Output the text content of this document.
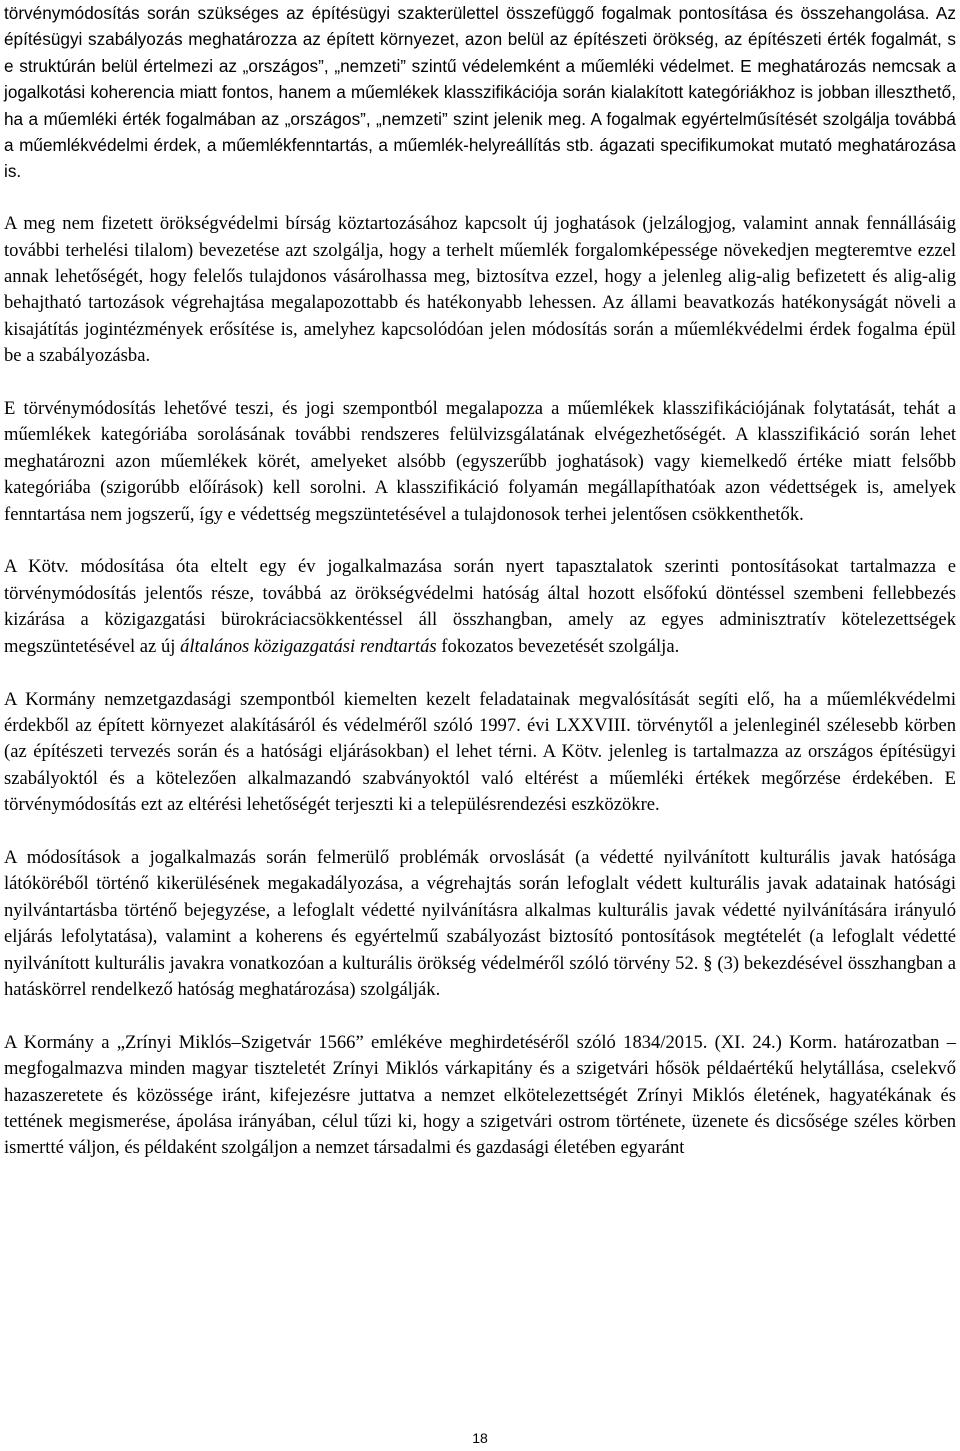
törvénymódosítás során szükséges az építésügyi szakterülettel összefüggő fogalmak pontosítása és összehangolása. Az építésügyi szabályozás meghatározza az épített környezet, azon belül az építészeti örökség, az építészeti érték fogalmát, s e struktúrán belül értelmezi az „országos”, „nemzeti” szintű védelemként a műemléki védelmet. E meghatározás nemcsak a jogalkotási koherencia miatt fontos, hanem a műemlékek klasszifikációja során kialakított kategóriákhoz is jobban illeszthető, ha a műemléki érték fogalmában az „országos”, „nemzeti” szint jelenik meg. A fogalmak egyértelműsítését szolgálja továbbá a műemlékvédelmi érdek, a műemlékfenntartás, a műemlék-helyreállítás stb. ágazati specifikumokat mutató meghatározása is.

A meg nem fizetett örökségvédelmi bírság köztartozásához kapcsolt új joghatások (jelzálogjog, valamint annak fennállásáig további terhelési tilalom) bevezetése azt szolgálja, hogy a terhelt műemlék forgalomképessége növekedjen megteremtve ezzel annak lehetőségét, hogy felelős tulajdonos vásárolhassa meg, biztosítva ezzel, hogy a jelenleg alig-alig befizetett és alig-alig behajtható tartozások végrehajtása megalapozottabb és hatékonyabb lehessen. Az állami beavatkozás hatékonyságát növeli a kisajátítás jogintézmények erősítése is, amelyhez kapcsolódóan jelen módosítás során a műemlékvédelmi érdek fogalma épül be a szabályozásba.

E törvénymódosítás lehetővé teszi, és jogi szempontból megalapozza a műemlékek klasszifikációjának folytatását, tehát a műemlékek kategóriába sorolásának további rendszeres felülvizsgálatának elvégezhetőségét. A klasszifikáció során lehet meghatározni azon műemlékek körét, amelyeket alsóbb (egyszerűbb joghatások) vagy kiemelkedő értéke miatt felsőbb kategóriába (szigorúbb előírások) kell sorolni. A klasszifikáció folyamán megállapíthatóak azon védettségek is, amelyek fenntartása nem jogszerű, így e védettség megszüntetésével a tulajdonosok terhei jelentősen csökkenthetők.

A Kötv. módosítása óta eltelt egy év jogalkalmazása során nyert tapasztalatok szerinti pontosításokat tartalmazza e törvénymódosítás jelentős része, továbbá az örökségvédelmi hatóság által hozott elsőfokú döntéssel szembeni fellebbezés kizárása a közigazgatási bürokráciacsökkentéssel áll összhangban, amely az egyes adminisztratív kötelezettségek megszüntetésével az új általános közigazgatási rendtartás fokozatos bevezetését szolgálja.

A Kormány nemzetgazdasági szempontból kiemelten kezelt feladatainak megvalósítását segíti elő, ha a műemlékvédelmi érdekből az épített környezet alakításáról és védelméről szóló 1997. évi LXXVIII. törvénytől a jelenleginél szélesebb körben (az építészeti tervezés során és a hatósági eljárásokban) el lehet térni. A Kötv. jelenleg is tartalmazza az országos építésügyi szabályoktól és a kötelezően alkalmazandó szabványoktól való eltérést a műemléki értékek megőrzése érdekében. E törvénymódosítás ezt az eltérési lehetőségét terjeszti ki a településrendezési eszközökre.

A módosítások a jogalkalmazás során felmerülő problémák orvoslását (a védetté nyilvánított kulturális javak hatósága látóköréből történő kikerülésének megakadályozása, a végrehajtás során lefoglalt védett kulturális javak adatainak hatósági nyilvántartásba történő bejegyzése, a lefoglalt védetté nyilvánításra alkalmas kulturális javak védetté nyilvánítására irányuló eljárás lefolytatása), valamint a koherens és egyértelmű szabályozást biztosító pontosítások megtételét (a lefoglalt védetté nyilvánított kulturális javakra vonatkozóan a kulturális örökség védelméről szóló törvény 52. § (3) bekezdésével összhangban a hatáskörrel rendelkező hatóság meghatározása) szolgálják.

A Kormány a „Zrínyi Miklós–Szigetvár 1566” emlékéve meghirdetéséről szóló 1834/2015. (XI. 24.) Korm. határozatban – megfogalmazva minden magyar tiszteletét Zrínyi Miklós várkapitány és a szigetvári hősök példaértékű helytállása, cselekvő hazaszeretete és közössége iránt, kifejezésre juttatva a nemzet elkötelezettségét Zrínyi Miklós életének, hagyatékának és tettének megismerése, ápolása irányában, célul tűzi ki, hogy a szigetvári ostrom története, üzenete és dicsősége széles körben ismertté váljon, és példaként szolgáljon a nemzet társadalmi és gazdasági életében egyaránt

18
